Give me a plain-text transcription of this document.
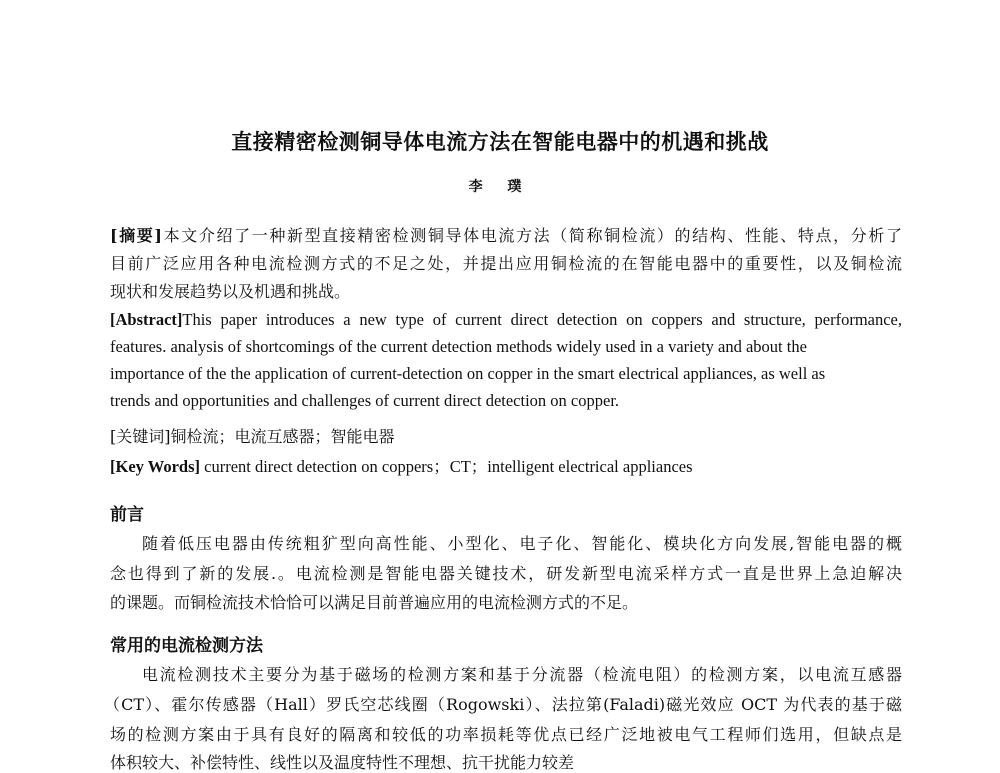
直接精密检测铜导体电流方法在智能电器中的机遇和挑战
李 璞
[摘要]本文介绍了一种新型直接精密检测铜导体电流方法（简称铜检流）的结构、性能、特点，分析了
目前广泛应用各种电流检测方式的不足之处，并提出应用铜检流的在智能电器中的重要性，以及铜检流
现状和发展趋势以及机遇和挑战。
[Abstract]This paper introduces a new type of current direct detection on coppers and structure, performance,
features. analysis of shortcomings of the current detection methods widely used in a variety and about the
importance of the the application of current-detection on copper in the smart electrical appliances, as well as
trends and opportunities and challenges of current direct detection on copper.
[关键词]铜检流；电流互感器；智能电器
[Key Words] current direct detection on coppers；CT；intelligent electrical appliances
前言
随着低压电器由传统粗犷型向高性能、小型化、电子化、智能化、模块化方向发展,智能电器的概
念也得到了新的发展.。电流检测是智能电器关键技术，研发新型电流采样方式一直是世界上急迫解决
的课题。而铜检流技术恰恰可以满足目前普遍应用的电流检测方式的不足。
常用的电流检测方法
电流检测技术主要分为基于磁场的检测方案和基于分流器（检流电阻）的检测方案，以电流互感器
（CT）、霍尔传感器（Hall）罗氏空芯线圈（Rogowski）、法拉第(Faladi)磁光效应 OCT 为代表的基于磁
场的检测方案由于具有良好的隔离和较低的功率损耗等优点已经广泛地被电气工程师们选用，但缺点是
体积较大、补偿特性、线性以及温度特性不理想、抗干扰能力较差
